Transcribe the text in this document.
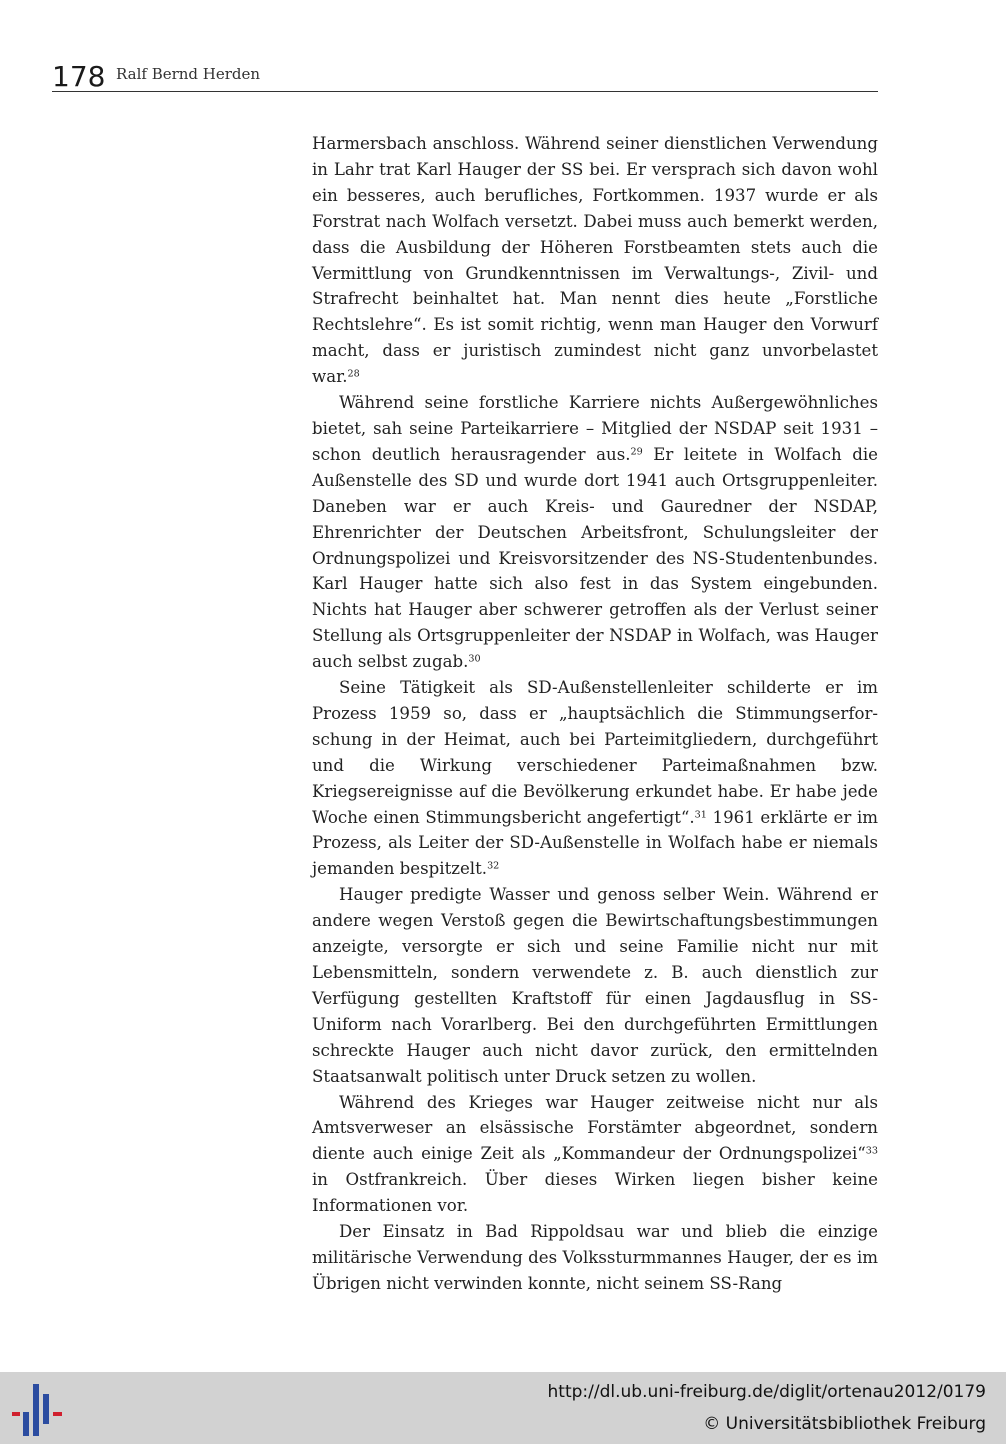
178 Ralf Bernd Herden

Harmersbach anschloss. Während seiner dienstlichen Verwendung in Lahr trat Karl Hauger der SS bei. Er versprach sich davon wohl ein besseres, auch berufliches, Fortkommen. 1937 wurde er als Forstrat nach Wolfach versetzt. Dabei muss auch bemerkt werden, dass die Ausbildung der Höheren Forstbeamten stets auch die Vermittlung von Grundkenntnissen im Verwaltungs-, Zivil- und Strafrecht beinhaltet hat. Man nennt dies heute „Forstliche Rechtslehre“. Es ist somit richtig, wenn man Hauger den Vorwurf macht, dass er juristisch zumindest nicht ganz unvorbelastet war.$^{28}$

Während seine forstliche Karriere nichts Außergewöhnliches bietet, sah seine Parteikarriere – Mitglied der NSDAP seit 1931 – schon deutlich herausragender aus.$^{29}$ Er leitete in Wolfach die Außenstelle des SD und wurde dort 1941 auch Ortsgruppenleiter. Daneben war er auch Kreis- und Gauredner der NSDAP, Ehrenrichter der Deutschen Arbeitsfront, Schulungsleiter der Ordnungspolizei und Kreisvorsitzender des NS-Studentenbundes. Karl Hauger hatte sich also fest in das System eingebunden. Nichts hat Hauger aber schwerer getroffen als der Verlust seiner Stellung als Ortsgruppenleiter der NSDAP in Wolfach, was Hauger auch selbst zugab.$^{30}$

Seine Tätigkeit als SD-Außenstellenleiter schilderte er im Prozess 1959 so, dass er „hauptsächlich die Stimmungserforschung in der Heimat, auch bei Parteimitgliedern, durchgeführt und die Wirkung verschiedener Parteimaßnahmen bzw. Kriegsereignisse auf die Bevölkerung erkundet habe. Er habe jede Woche einen Stimmungsbericht angefertigt“.$^{31}$ 1961 erklärte er im Prozess, als Leiter der SD-Außenstelle in Wolfach habe er niemals jemanden bespitzelt.$^{32}$

Hauger predigte Wasser und genoss selber Wein. Während er andere wegen Verstoß gegen die Bewirtschaftungsbestimmungen anzeigte, versorgte er sich und seine Familie nicht nur mit Lebensmitteln, sondern verwendete z. B. auch dienstlich zur Verfügung gestellten Kraftstoff für einen Jagdausflug in SS-Uniform nach Vorarlberg. Bei den durchgeführten Ermittlungen schreckte Hauger auch nicht davor zurück, den ermittelnden Staatsanwalt politisch unter Druck setzen zu wollen.

Während des Krieges war Hauger zeitweise nicht nur als Amtsverweser an elsässische Forstämter abgeordnet, sondern diente auch einige Zeit als „Kommandeur der Ordnungspolizei“$^{33}$ in Ostfrankreich. Über dieses Wirken liegen bisher keine Informationen vor.

Der Einsatz in Bad Rippoldsau war und blieb die einzige militärische Verwendung des Volkssturmmannes Hauger, der es im Übrigen nicht verwinden konnte, nicht seinem SS-Rang

http://dl.ub.uni-freiburg.de/diglit/ortenau2012/0179
© Universitätsbibliothek Freiburg
